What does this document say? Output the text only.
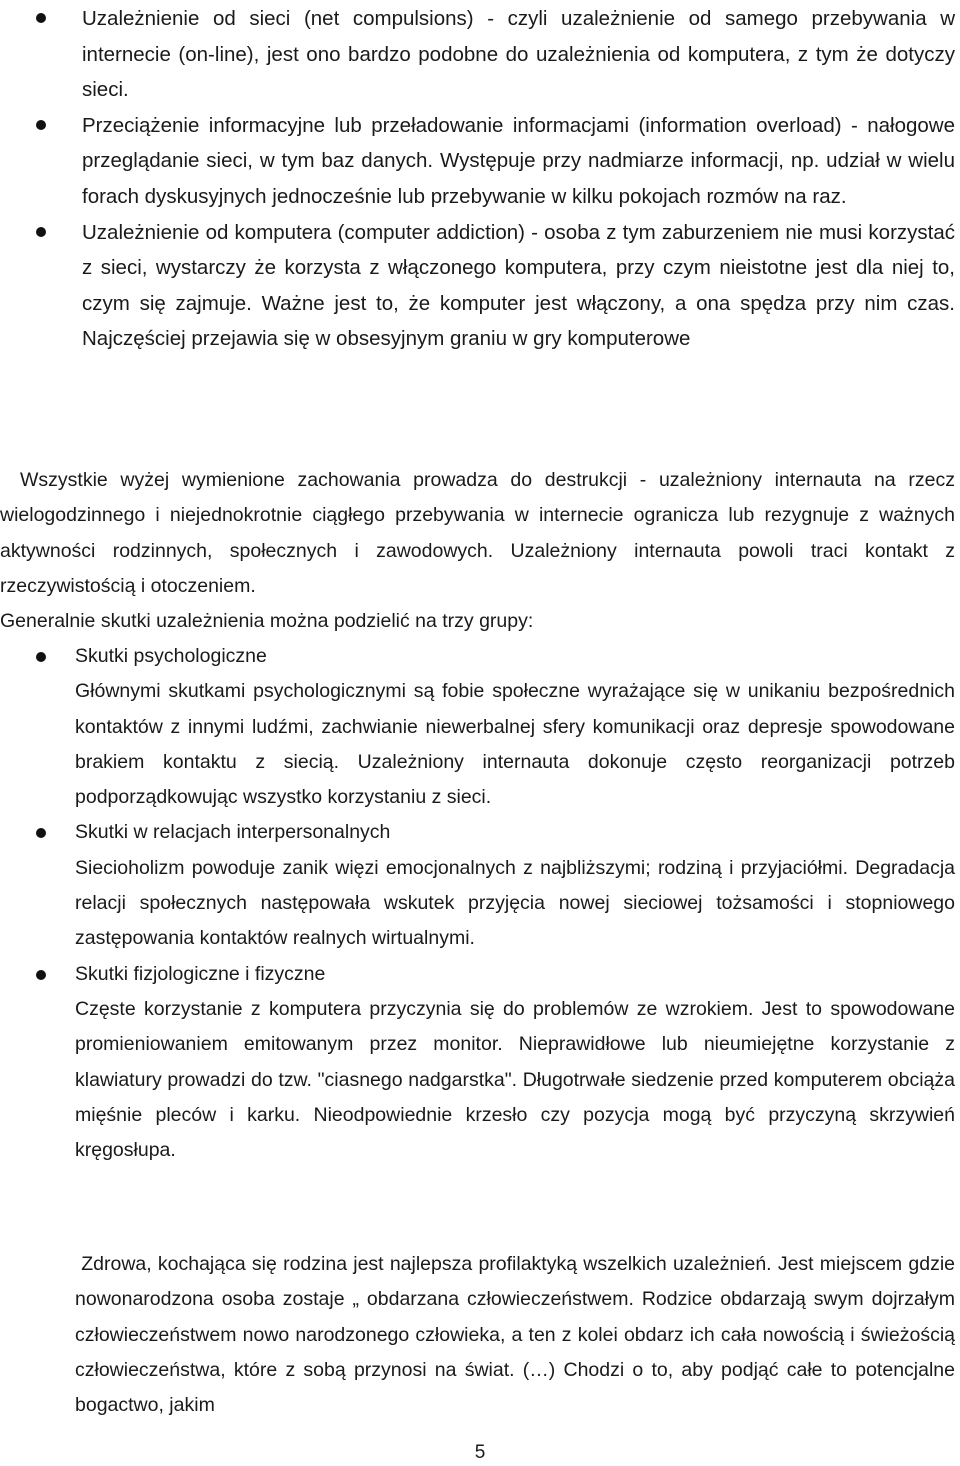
Uzależnienie od sieci (net compulsions) - czyli uzależnienie od samego przebywania w internecie (on-line), jest ono bardzo podobne do uzależnienia od komputera, z tym że dotyczy sieci.

Przeciążenie informacyjne lub przeładowanie informacjami (information overload) - nałogowe przeglądanie sieci, w tym baz danych. Występuje przy nadmiarze informacji, np. udział w wielu forach dyskusyjnych jednocześnie lub przebywanie w kilku pokojach rozmów na raz.

Uzależnienie od komputera (computer addiction) - osoba z tym zaburzeniem nie musi korzystać z sieci, wystarczy że korzysta z włączonego komputera, przy czym nieistotne jest dla niej to, czym się zajmuje. Ważne jest to, że komputer jest włączony, a ona spędza przy nim czas. Najczęściej przejawia się w obsesyjnym graniu w gry komputerowe

Wszystkie wyżej wymienione zachowania prowadza do destrukcji - uzależniony internauta na rzecz wielogodzinnego i niejednokrotnie ciągłego przebywania w internecie ogranicza lub rezygnuje z ważnych aktywności rodzinnych, społecznych i zawodowych. Uzależniony internauta powoli traci kontakt z rzeczywistością i otoczeniem.

Generalnie skutki uzależnienia można podzielić na trzy grupy:

Skutki psychologiczne

Głównymi skutkami psychologicznymi są fobie społeczne wyrażające się w unikaniu bezpośrednich kontaktów z innymi ludźmi, zachwianie niewerbalnej sfery komunikacji oraz depresje spowodowane brakiem kontaktu z siecią. Uzależniony internauta dokonuje często reorganizacji potrzeb podporządkowując wszystko korzystaniu z sieci.

Skutki w relacjach interpersonalnych

Siecioholizm powoduje zanik więzi emocjonalnych z najbliższymi; rodziną i przyjaciółmi. Degradacja relacji społecznych następowała wskutek przyjęcia nowej sieciowej tożsamości i stopniowego zastępowania kontaktów realnych wirtualnymi.

Skutki fizjologiczne i fizyczne

Częste korzystanie z komputera przyczynia się do problemów ze wzrokiem. Jest to spowodowane promieniowaniem emitowanym przez monitor. Nieprawidłowe lub nieumiejętne korzystanie z klawiatury prowadzi do tzw. "ciasnego nadgarstka". Długotrwałe siedzenie przed komputerem obciąża mięśnie pleców i karku. Nieodpowiednie krzesło czy pozycja mogą być przyczyną skrzywień kręgosłupa.

Zdrowa, kochająca się rodzina jest najlepsza profilaktyką wszelkich uzależnień. Jest miejscem gdzie nowonarodzona osoba zostaje „ obdarzana człowieczeństwem. Rodzice obdarzają swym dojrzałym człowieczeństwem nowo narodzonego człowieka, a ten z kolei obdarz ich cała nowością i świeżością człowieczeństwa, które z sobą przynosi na świat. (…) Chodzi o to, aby podjąć całe to potencjalne bogactwo, jakim

5
